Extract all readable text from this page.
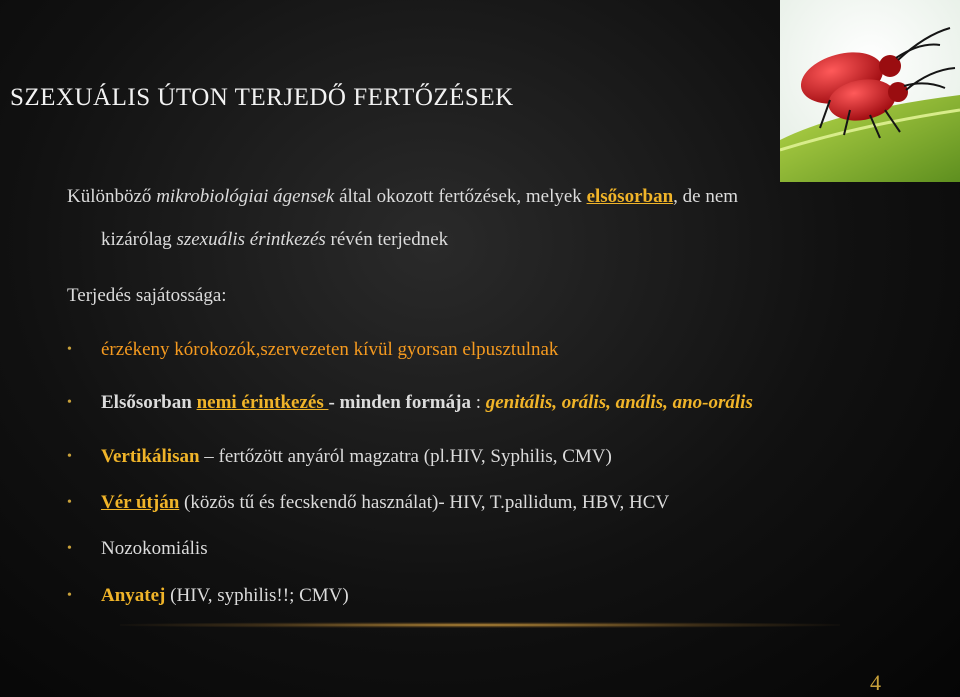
SZEXUÁLIS ÚTON TERJEDŐ FERTŐZÉSEK
Különböző mikrobiológiai ágensek által okozott fertőzések, melyek elsősorban, de nem
kizárólag szexuális érintkezés révén terjednek
Terjedés sajátossága:
• érzékeny kórokozók,szervezeten kívül gyorsan elpusztulnak
• Elsősorban nemi érintkezés - minden formája : genitális, orális, anális, ano-orális
• Vertikálisan – fertőzött anyáról magzatra (pl.HIV, Syphilis, CMV)
• Vér útján (közös tű és fecskendő használat)- HIV, T.pallidum, HBV, HCV
• Nozokomiális
• Anyatej (HIV, syphilis!!; CMV)
4
